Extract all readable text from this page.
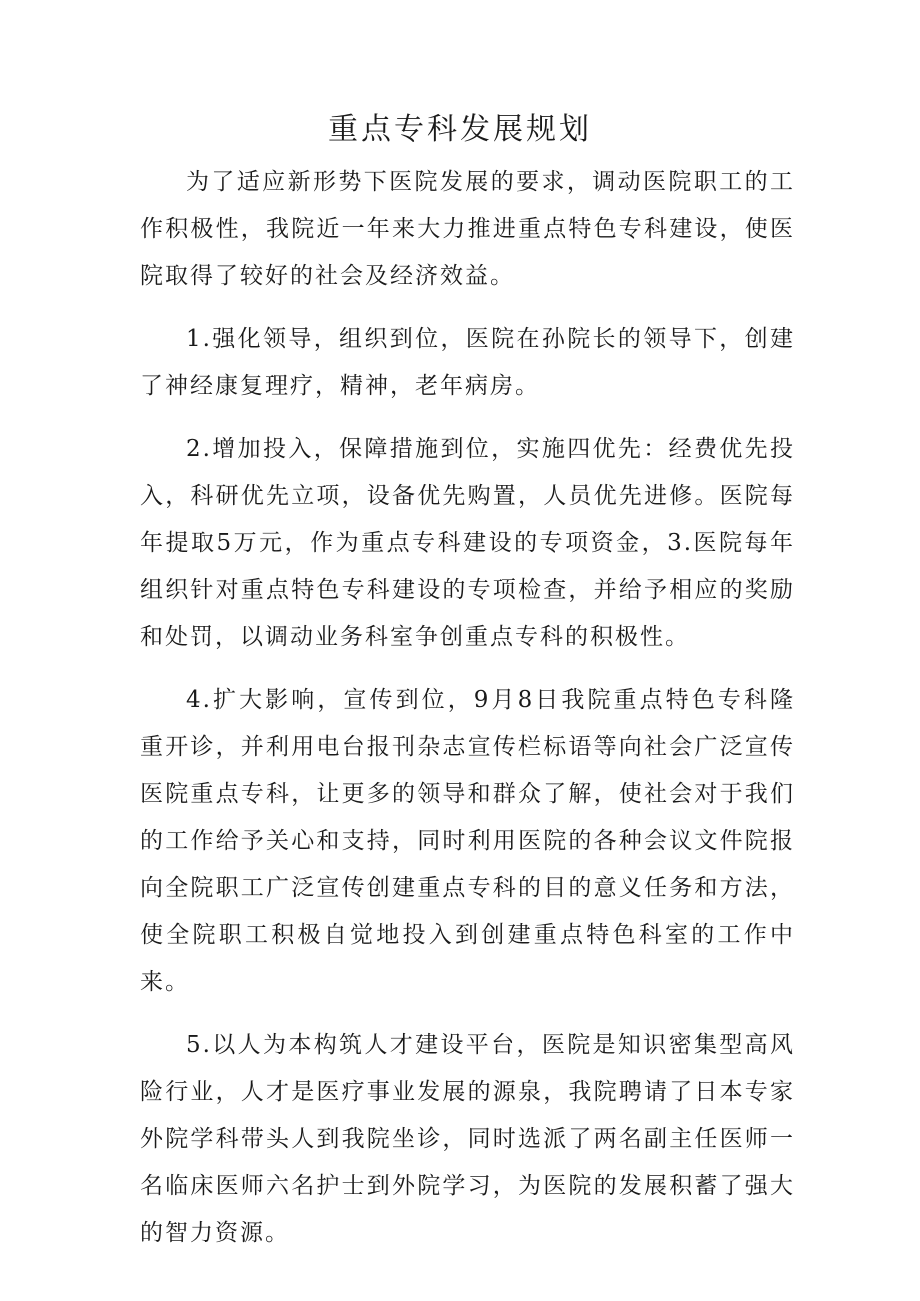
重点专科发展规划

为了适应新形势下医院发展的要求，调动医院职工的工作积极性，我院近一年来大力推进重点特色专科建设，使医院取得了较好的社会及经济效益。

1.强化领导，组织到位，医院在孙院长的领导下，创建了神经康复理疗，精神，老年病房。

2.增加投入，保障措施到位，实施四优先：经费优先投入，科研优先立项，设备优先购置，人员优先进修。医院每年提取5万元，作为重点专科建设的专项资金，3.医院每年组织针对重点特色专科建设的专项检查，并给予相应的奖励和处罚，以调动业务科室争创重点专科的积极性。

4.扩大影响，宣传到位，9月8日我院重点特色专科隆重开诊，并利用电台报刊杂志宣传栏标语等向社会广泛宣传医院重点专科，让更多的领导和群众了解，使社会对于我们的工作给予关心和支持，同时利用医院的各种会议文件院报向全院职工广泛宣传创建重点专科的目的意义任务和方法，使全院职工积极自觉地投入到创建重点特色科室的工作中来。

5.以人为本构筑人才建设平台，医院是知识密集型高风险行业，人才是医疗事业发展的源泉，我院聘请了日本专家外院学科带头人到我院坐诊，同时选派了两名副主任医师一名临床医师六名护士到外院学习，为医院的发展积蓄了强大的智力资源。
